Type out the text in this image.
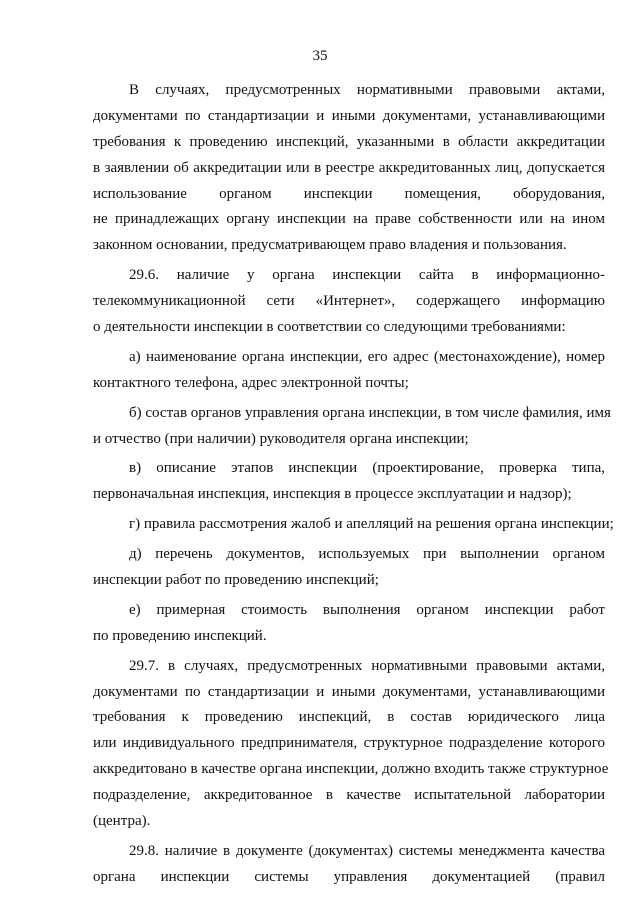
35

В случаях, предусмотренных нормативными правовыми актами,

документами по стандартизации и иными документами, устанавливающими

требования к проведению инспекций, указанными в области аккредитации

в заявлении об аккредитации или в реестре аккредитованных лиц, допускается

использование органом инспекции помещения, оборудования,

не принадлежащих органу инспекции на праве собственности или на ином

законном основании, предусматривающем право владения и пользования.

29.6. наличие у органа инспекции сайта в информационно-

телекоммуникационной сети «Интернет», содержащего информацию

о деятельности инспекции в соответствии со следующими требованиями:

а) наименование органа инспекции, его адрес (местонахождение), номер

контактного телефона, адрес электронной почты;

б) состав органов управления органа инспекции, в том числе фамилия, имя

и отчество (при наличии) руководителя органа инспекции;

в) описание этапов инспекции (проектирование, проверка типа,

первоначальная инспекция, инспекция в процессе эксплуатации и надзор);

г) правила рассмотрения жалоб и апелляций на решения органа инспекции;

д) перечень документов, используемых при выполнении органом

инспекции работ по проведению инспекций;

е) примерная стоимость выполнения органом инспекции работ

по проведению инспекций.

29.7. в случаях, предусмотренных нормативными правовыми актами,

документами по стандартизации и иными документами, устанавливающими

требования к проведению инспекций, в состав юридического лица

или индивидуального предпринимателя, структурное подразделение которого

аккредитовано в качестве органа инспекции, должно входить также структурное

подразделение, аккредитованное в качестве испытательной лаборатории

(центра).

29.8. наличие в документе (документах) системы менеджмента качества

органа инспекции системы управления документацией (правил
